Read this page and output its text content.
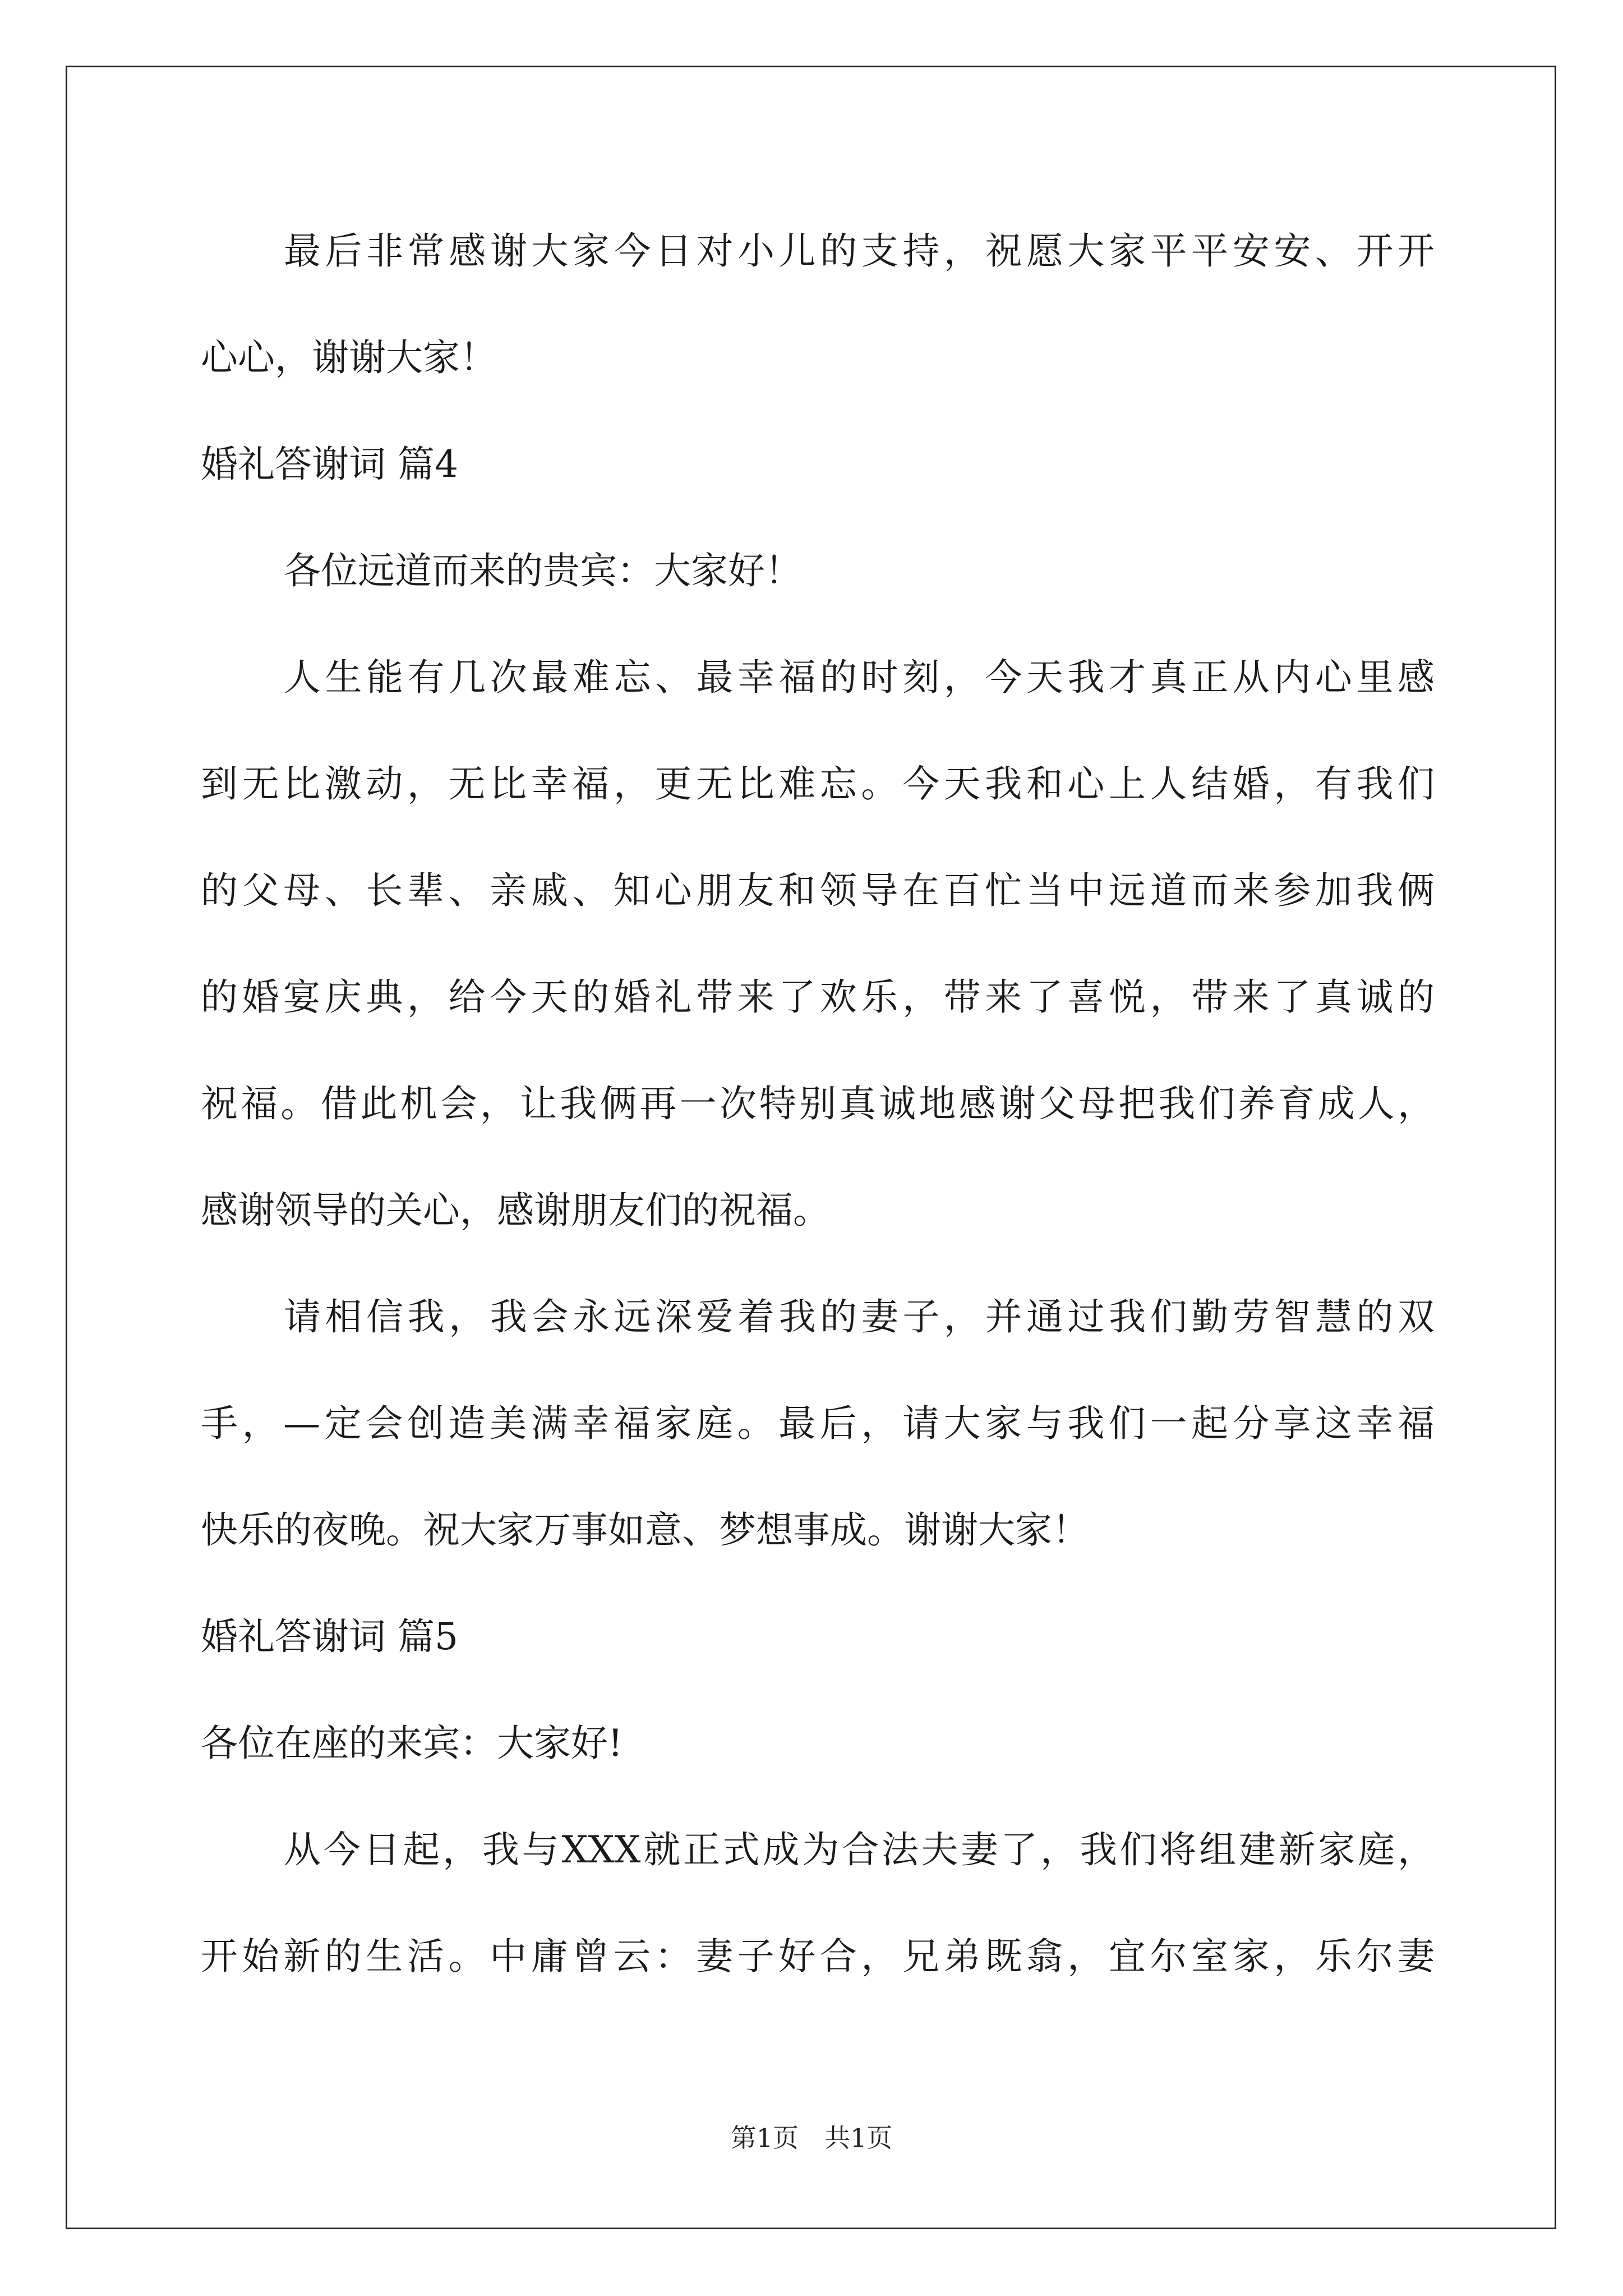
最后非常感谢大家今日对小儿的支持，祝愿大家平平安安、开开
心心，谢谢大家！
婚礼答谢词 篇4
各位远道而来的贵宾：大家好！
人生能有几次最难忘、最幸福的时刻，今天我才真正从内心里感
到无比激动，无比幸福，更无比难忘。今天我和心上人结婚，有我们
的父母、长辈、亲戚、知心朋友和领导在百忙当中远道而来参加我俩
的婚宴庆典，给今天的婚礼带来了欢乐，带来了喜悦，带来了真诚的
祝福。借此机会，让我俩再一次特别真诚地感谢父母把我们养育成人，
感谢领导的关心，感谢朋友们的祝福。
请相信我，我会永远深爱着我的妻子，并通过我们勤劳智慧的双
手，—定会创造美满幸福家庭。最后，请大家与我们一起分享这幸福
快乐的夜晚。祝大家万事如意、梦想事成。谢谢大家！
婚礼答谢词 篇5
各位在座的来宾：大家好!
从今日起，我与XXX就正式成为合法夫妻了，我们将组建新家庭，
开始新的生活。中庸曾云：妻子好合，兄弟既翕，宜尔室家，乐尔妻
第1页　共1页
